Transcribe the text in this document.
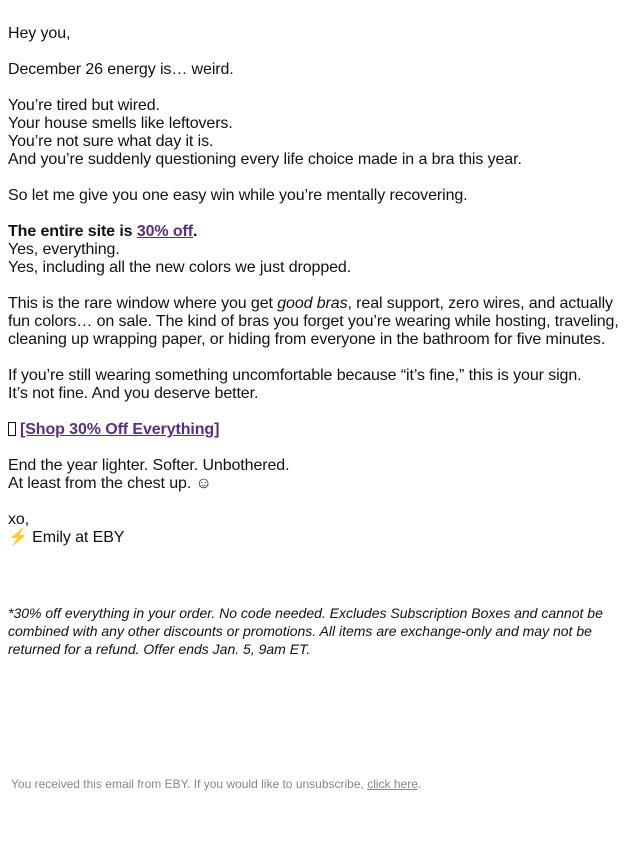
Hey you,

December 26 energy is… weird.

You’re tired but wired.
Your house smells like leftovers.
You’re not sure what day it is.
And you’re suddenly questioning every life choice made in a bra this year.

So let me give you one easy win while you’re mentally recovering.

The entire site is 30% off.
Yes, everything.
Yes, including all the new colors we just dropped.

This is the rare window where you get good bras, real support, zero wires, and actually fun colors… on sale. The kind of bras you forget you’re wearing while hosting, traveling, cleaning up wrapping paper, or hiding from everyone in the bathroom for five minutes.

If you’re still wearing something uncomfortable because “it’s fine,” this is your sign.
It’s not fine. And you deserve better.

[Shop 30% Off Everything]

End the year lighter. Softer. Unbothered.
At least from the chest up. ☺

xo,
⚡ Emily at EBY

*30% off everything in your order. No code needed. Excludes Subscription Boxes and cannot be combined with any other discounts or promotions. All items are exchange-only and may not be returned for a refund. Offer ends Jan. 5, 9am ET.
You received this email from EBY. If you would like to unsubscribe, click here.
